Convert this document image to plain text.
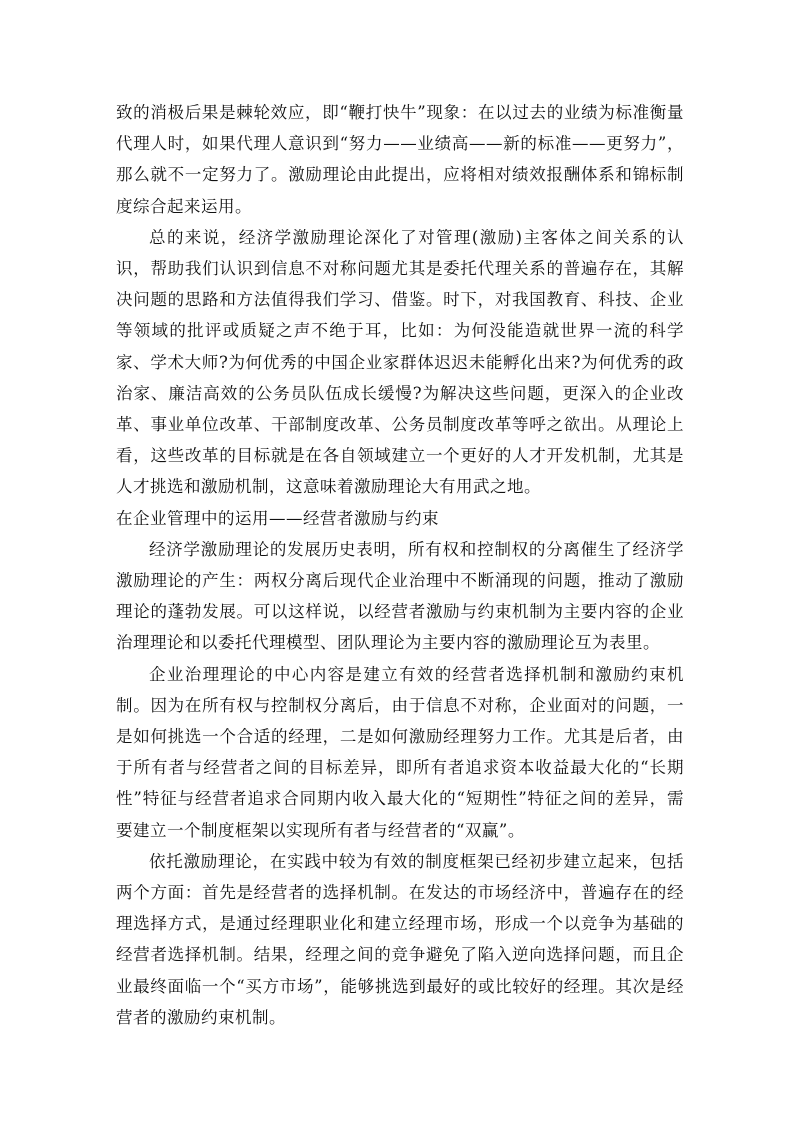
致的消极后果是棘轮效应，即“鞭打快牛”现象：在以过去的业绩为标准衡量代理人时，如果代理人意识到“努力——业绩高——新的标准——更努力”，那么就不一定努力了。激励理论由此提出，应将相对绩效报酬体系和锦标制度综合起来运用。

总的来说，经济学激励理论深化了对管理(激励)主客体之间关系的认识，帮助我们认识到信息不对称问题尤其是委托代理关系的普遍存在，其解决问题的思路和方法值得我们学习、借鉴。时下，对我国教育、科技、企业等领域的批评或质疑之声不绝于耳，比如：为何没能造就世界一流的科学家、学术大师?为何优秀的中国企业家群体迟迟未能孵化出来?为何优秀的政治家、廉洁高效的公务员队伍成长缓慢?为解决这些问题，更深入的企业改革、事业单位改革、干部制度改革、公务员制度改革等呼之欲出。从理论上看，这些改革的目标就是在各自领域建立一个更好的人才开发机制，尤其是人才挑选和激励机制，这意味着激励理论大有用武之地。

在企业管理中的运用——经营者激励与约束

经济学激励理论的发展历史表明，所有权和控制权的分离催生了经济学激励理论的产生：两权分离后现代企业治理中不断涌现的问题，推动了激励理论的蓬勃发展。可以这样说，以经营者激励与约束机制为主要内容的企业治理理论和以委托代理模型、团队理论为主要内容的激励理论互为表里。

企业治理理论的中心内容是建立有效的经营者选择机制和激励约束机制。因为在所有权与控制权分离后，由于信息不对称，企业面对的问题，一是如何挑选一个合适的经理，二是如何激励经理努力工作。尤其是后者，由于所有者与经营者之间的目标差异，即所有者追求资本收益最大化的“长期性”特征与经营者追求合同期内收入最大化的“短期性”特征之间的差异，需要建立一个制度框架以实现所有者与经营者的“双赢”。

依托激励理论，在实践中较为有效的制度框架已经初步建立起来，包括两个方面：首先是经营者的选择机制。在发达的市场经济中，普遍存在的经理选择方式，是通过经理职业化和建立经理市场，形成一个以竞争为基础的经营者选择机制。结果，经理之间的竞争避免了陷入逆向选择问题，而且企业最终面临一个“买方市场”，能够挑选到最好的或比较好的经理。其次是经营者的激励约束机制。
